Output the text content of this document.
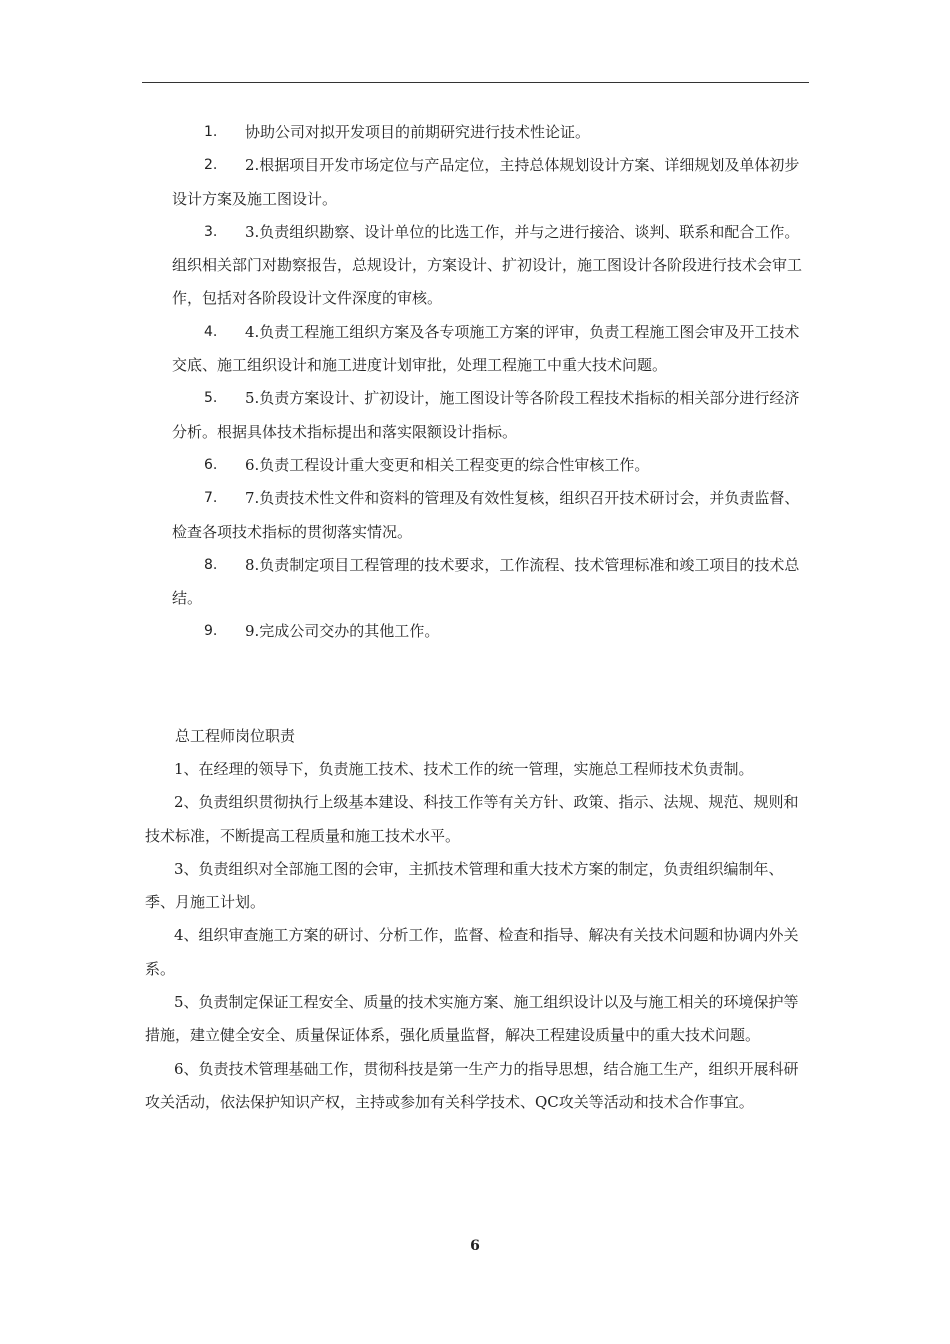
1. 协助公司对拟开发项目的前期研究进行技术性论证。

2. 2.根据项目开发市场定位与产品定位，主持总体规划设计方案、详细规划及单体初步设计方案及施工图设计。

3. 3.负责组织勘察、设计单位的比选工作，并与之进行接洽、谈判、联系和配合工作。组织相关部门对勘察报告，总规设计，方案设计、扩初设计，施工图设计各阶段进行技术会审工作，包括对各阶段设计文件深度的审核。

4. 4.负责工程施工组织方案及各专项施工方案的评审，负责工程施工图会审及开工技术交底、施工组织设计和施工进度计划审批，处理工程施工中重大技术问题。

5. 5.负责方案设计、扩初设计，施工图设计等各阶段工程技术指标的相关部分进行经济分析。根据具体技术指标提出和落实限额设计指标。

6. 6.负责工程设计重大变更和相关工程变更的综合性审核工作。

7. 7.负责技术性文件和资料的管理及有效性复核，组织召开技术研讨会，并负责监督、检查各项技术指标的贯彻落实情况。

8. 8.负责制定项目工程管理的技术要求，工作流程、技术管理标准和竣工项目的技术总结。

9. 9.完成公司交办的其他工作。

总工程师岗位职责

1、在经理的领导下，负责施工技术、技术工作的统一管理，实施总工程师技术负责制。

2、负责组织贯彻执行上级基本建设、科技工作等有关方针、政策、指示、法规、规范、规则和技术标准，不断提高工程质量和施工技术水平。

3、负责组织对全部施工图的会审，主抓技术管理和重大技术方案的制定，负责组织编制年、季、月施工计划。

4、组织审查施工方案的研讨、分析工作，监督、检查和指导、解决有关技术问题和协调内外关系。

5、负责制定保证工程安全、质量的技术实施方案、施工组织设计以及与施工相关的环境保护等措施，建立健全安全、质量保证体系，强化质量监督，解决工程建设质量中的重大技术问题。

6、负责技术管理基础工作，贯彻科技是第一生产力的指导思想，结合施工生产，组织开展科研攻关活动，依法保护知识产权，主持或参加有关科学技术、QC攻关等活动和技术合作事宜。

6
